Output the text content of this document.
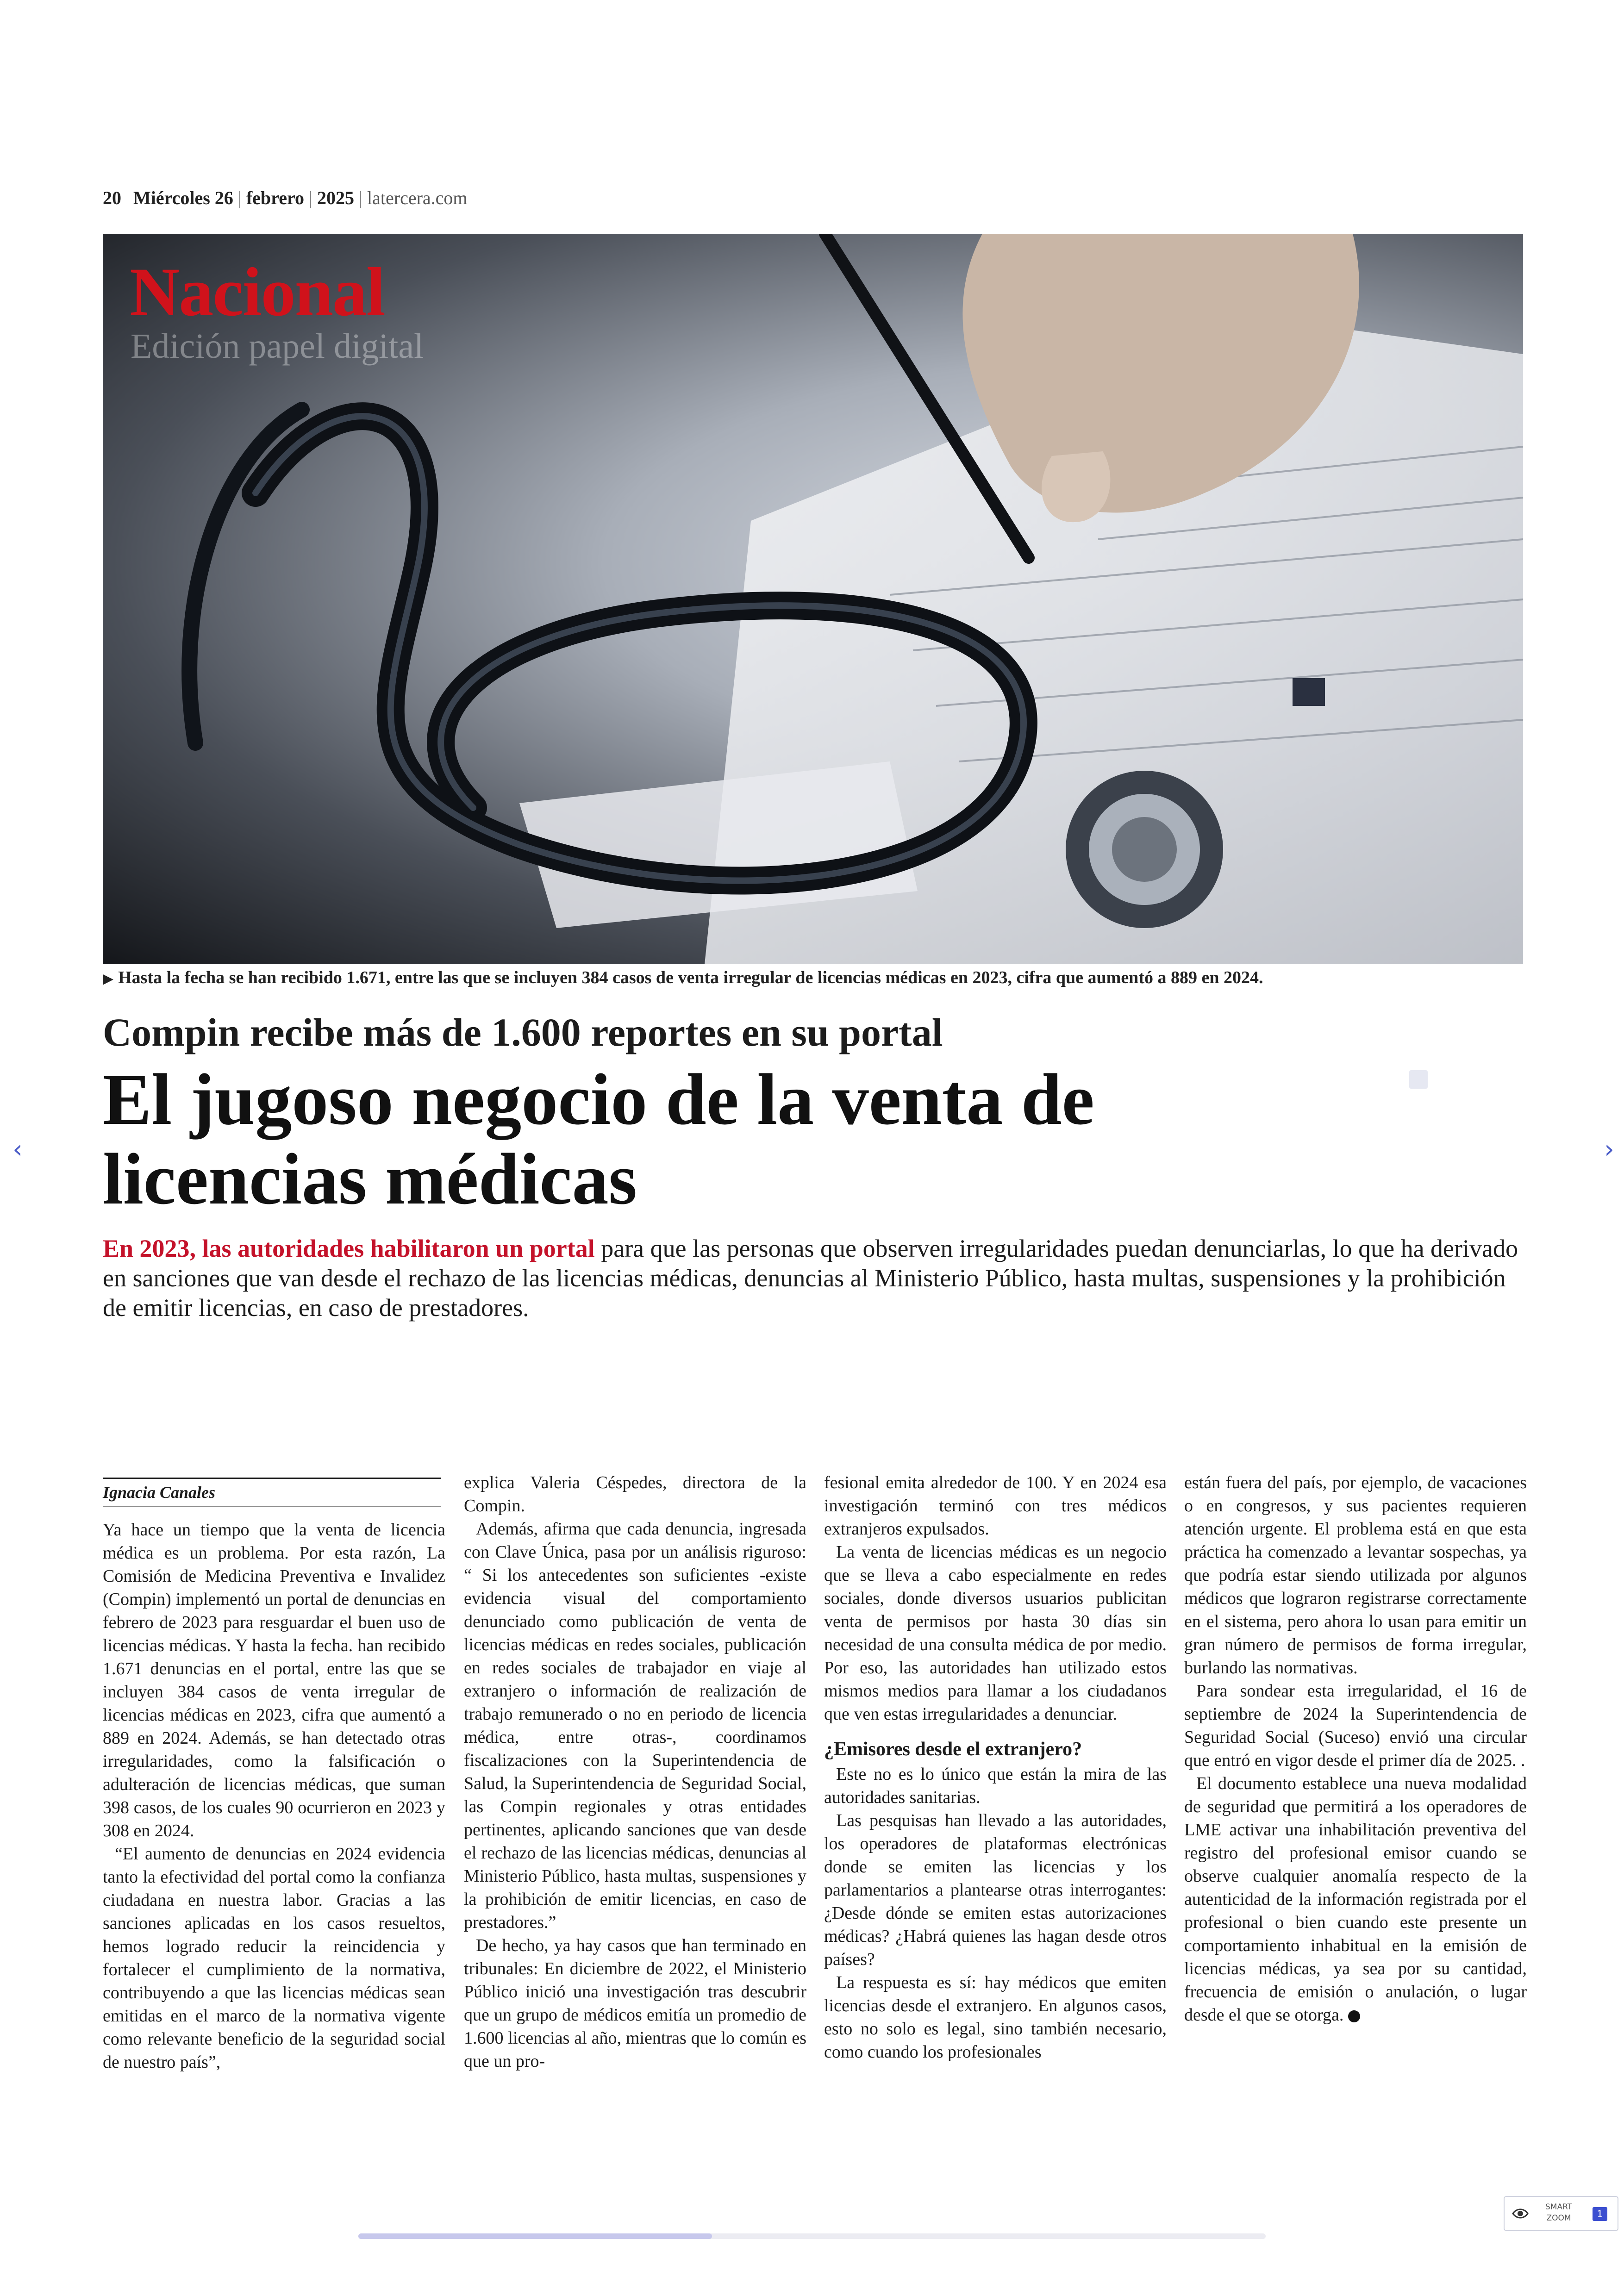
20 Miércoles 26 | febrero | 2025 | latercera.com
Nacional
Edición papel digital
▶ Hasta la fecha se han recibido 1.671, entre las que se incluyen 384 casos de venta irregular de licencias médicas en 2023, cifra que aumentó a 889 en 2024.
Compin recibe más de 1.600 reportes en su portal
El jugoso negocio de la venta de licencias médicas
En 2023, las autoridades habilitaron un portal para que las personas que observen irregularidades puedan denunciarlas, lo que ha derivado en sanciones que van desde el rechazo de las licencias médicas, denuncias al Ministerio Público, hasta multas, suspensiones y la prohibición de emitir licencias, en caso de prestadores.
Ignacia Canales

Ya hace un tiempo que la venta de licencia médica es un problema. Por esta razón, La Comisión de Medicina Preventiva e Invalidez (Compin) implementó un portal de denuncias en febrero de 2023 para resguardar el buen uso de licencias médicas. Y hasta la fecha. han recibido 1.671 denuncias en el portal, entre las que se incluyen 384 casos de venta irregular de licencias médicas en 2023, cifra que aumentó a 889 en 2024. Además, se han detectado otras irregularidades, como la falsificación o adulteración de licencias médicas, que suman 398 casos, de los cuales 90 ocurrieron en 2023 y 308 en 2024.

“El aumento de denuncias en 2024 evidencia tanto la efectividad del portal como la confianza ciudadana en nuestra labor. Gracias a las sanciones aplicadas en los casos resueltos, hemos logrado reducir la reincidencia y fortalecer el cumplimiento de la normativa, contribuyendo a que las licencias médicas sean emitidas en el marco de la normativa vigente como relevante beneficio de la seguridad social de nuestro país”,

explica Valeria Céspedes, directora de la Compin.

Además, afirma que cada denuncia, ingresada con Clave Única, pasa por un análisis riguroso: “ Si los antecedentes son suficientes -existe evidencia visual del comportamiento denunciado como publicación de venta de licencias médicas en redes sociales, publicación en redes sociales de trabajador en viaje al extranjero o información de realización de trabajo remunerado o no en periodo de licencia médica, entre otras-, coordinamos fiscalizaciones con la Superintendencia de Salud, la Superintendencia de Seguridad Social, las Compin regionales y otras entidades pertinentes, aplicando sanciones que van desde el rechazo de las licencias médicas, denuncias al Ministerio Público, hasta multas, suspensiones y la prohibición de emitir licencias, en caso de prestadores.”

De hecho, ya hay casos que han terminado en tribunales: En diciembre de 2022, el Ministerio Público inició una investigación tras descubrir que un grupo de médicos emitía un promedio de 1.600 licencias al año, mientras que lo común es que un pro-

fesional emita alrededor de 100. Y en 2024 esa investigación terminó con tres médicos extranjeros expulsados.

La venta de licencias médicas es un negocio que se lleva a cabo especialmente en redes sociales, donde diversos usuarios publicitan venta de permisos por hasta 30 días sin necesidad de una consulta médica de por medio. Por eso, las autoridades han utilizado estos mismos medios para llamar a los ciudadanos que ven estas irregularidades a denunciar.

¿Emisores desde el extranjero?

Este no es lo único que están la mira de las autoridades sanitarias.

Las pesquisas han llevado a las autoridades, los operadores de plataformas electrónicas donde se emiten las licencias y los parlamentarios a plantearse otras interrogantes: ¿Desde dónde se emiten estas autorizaciones médicas? ¿Habrá quienes las hagan desde otros países?

La respuesta es sí: hay médicos que emiten licencias desde el extranjero. En algunos casos, esto no solo es legal, sino también necesario, como cuando los profesionales

están fuera del país, por ejemplo, de vacaciones o en congresos, y sus pacientes requieren atención urgente. El problema está en que esta práctica ha comenzado a levantar sospechas, ya que podría estar siendo utilizada por algunos médicos que lograron registrarse correctamente en el sistema, pero ahora lo usan para emitir un gran número de permisos de forma irregular, burlando las normativas.

Para sondear esta irregularidad, el 16 de septiembre de 2024 la Superintendencia de Seguridad Social (Suceso) envió una circular que entró en vigor desde el primer día de 2025. .

El documento establece una nueva modalidad de seguridad que permitirá a los operadores de LME activar una inhabilitación preventiva del registro del profesional emisor cuando se observe cualquier anomalía respecto de la autenticidad de la información registrada por el profesional o bien cuando este presente un comportamiento inhabitual en la emisión de licencias médicas, ya sea por su cantidad, frecuencia de emisión o anulación, o lugar desde el que se otorga.

‹	›
SMART
ZOOM	1
